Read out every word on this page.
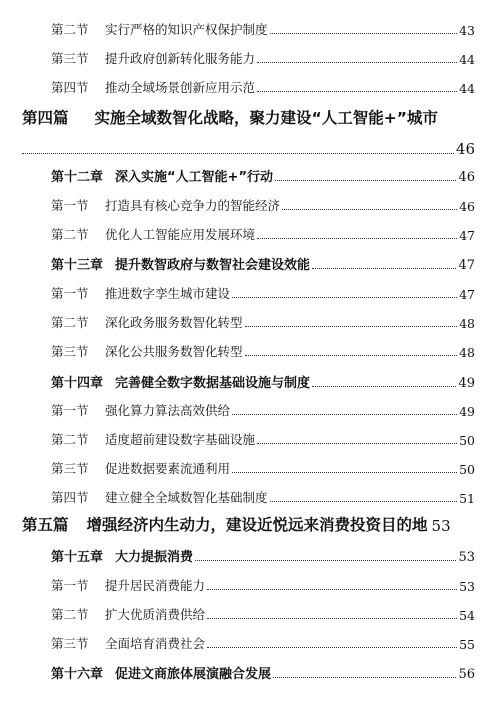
第二节	实行严格的知识产权保护制度	43
第三节	提升政府创新转化服务能力	44
第四节	推动全域场景创新应用示范	44
第四篇 实施全域数智化战略，聚力建设“人工智能+”城市
46
第十二章 深入实施“人工智能+”行动	46
第一节	打造具有核心竞争力的智能经济	46
第二节	优化人工智能应用发展环境	47
第十三章 提升数智政府与数智社会建设效能	47
第一节	推进数字孪生城市建设	47
第二节	深化政务服务数智化转型	48
第三节	深化公共服务数智化转型	48
第十四章 完善健全数字数据基础设施与制度	49
第一节	强化算力算法高效供给	49
第二节	适度超前建设数字基础设施	50
第三节	促进数据要素流通利用	50
第四节	建立健全全域数智化基础制度	51
第五篇 增强经济内生动力，建设近悦远来消费投资目的地 53
第十五章 大力提振消费	53
第一节	提升居民消费能力	53
第二节	扩大优质消费供给	54
第三节	全面培育消费社会	55
第十六章 促进文商旅体展演融合发展	56
